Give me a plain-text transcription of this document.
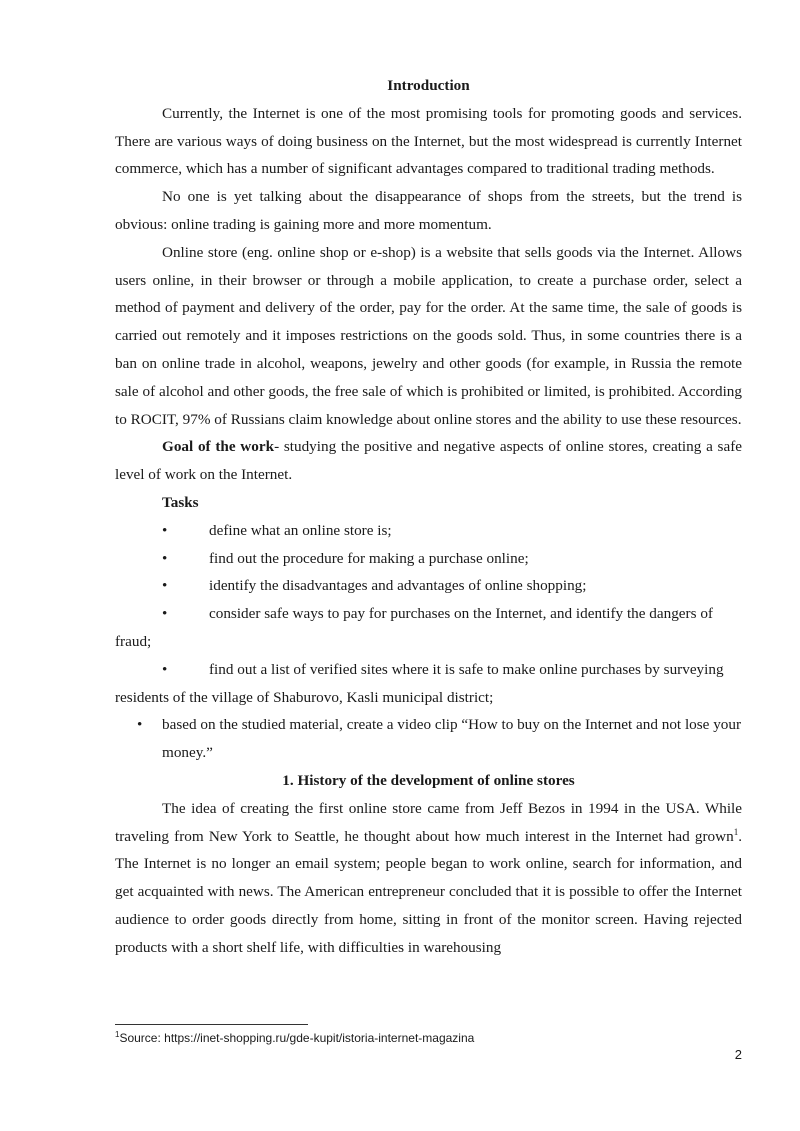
Introduction

Currently, the Internet is one of the most promising tools for promoting goods and services. There are various ways of doing business on the Internet, but the most widespread is currently Internet commerce, which has a number of significant advantages compared to traditional trading methods.

No one is yet talking about the disappearance of shops from the streets, but the trend is obvious: online trading is gaining more and more momentum.

Online store (eng. online shop or e-shop) is a website that sells goods via the Internet. Allows users online, in their browser or through a mobile application, to create a purchase order, select a method of payment and delivery of the order, pay for the order. At the same time, the sale of goods is carried out remotely and it imposes restrictions on the goods sold. Thus, in some countries there is a ban on online trade in alcohol, weapons, jewelry and other goods (for example, in Russia the remote sale of alcohol and other goods, the free sale of which is prohibited or limited, is prohibited. According to ROCIT, 97% of Russians claim knowledge about online stores and the ability to use these resources.

Goal of the work- studying the positive and negative aspects of online stores, creating a safe level of work on the Internet.

Tasks

•	define what an online store is;

•	find out the procedure for making a purchase online;

•	identify the disadvantages and advantages of online shopping;

•	consider safe ways to pay for purchases on the Internet, and identify the dangers of fraud;

•	find out a list of verified sites where it is safe to make online purchases by surveying residents of the village of Shaburovo, Kasli municipal district;

• based on the studied material, create a video clip “How to buy on the Internet and not lose your money.”

1. History of the development of online stores

The idea of creating the first online store came from Jeff Bezos in 1994 in the USA. While traveling from New York to Seattle, he thought about how much interest in the Internet had grown$^1$. The Internet is no longer an email system; people began to work online, search for information, and get acquainted with news. The American entrepreneur concluded that it is possible to offer the Internet audience to order goods directly from home, sitting in front of the monitor screen. Having rejected products with a short shelf life, with difficulties in warehousing

$^1$Source: https://inet-shopping.ru/gde-kupit/istoria-internet-magazina
2
